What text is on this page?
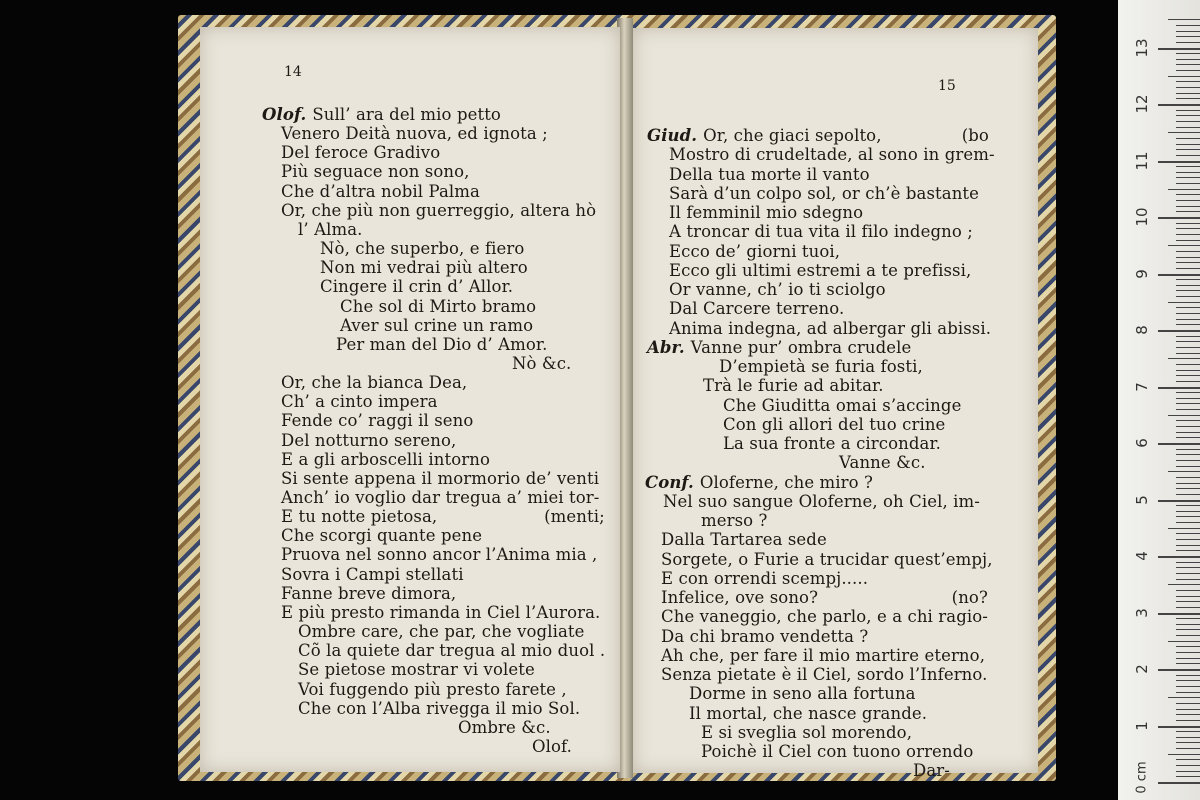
14
Olof. Sull’ ara del mio petto
Venero Deità nuova, ed ignota ;
Del feroce Gradivo
Più seguace non sono,
Che d’altra nobil Palma
Or, che più non guerreggio, altera hò
l’ Alma.
Nò, che superbo, e fiero
Non mi vedrai più altero
Cingere il crin d’ Allor.
Che sol di Mirto bramo
Aver sul crine un ramo
Per man del Dio d’ Amor.
Nò &c.
Or, che la bianca Dea,
Ch’ a cinto impera
Fende co’ raggi il seno
Del notturno sereno,
E a gli arboscelli intorno
Si sente appena il mormorio de’ venti
Anch’ io voglio dar tregua a’ miei tor-
E tu notte pietosa,                    (menti;
Che scorgi quante pene
Pruova nel sonno ancor l’Anima mia ,
Sovra i Campi stellati
Fanne breve dimora,
E più presto rimanda in Ciel l’Aurora.
Ombre care, che par, che vogliate
Cõ la quiete dar tregua al mio duol .
Se pietose mostrar vi volete
Voi fuggendo più presto farete ,
Che con l’Alba rivegga il mio Sol.
Ombre &c.
Olof.
15
Giud. Or, che giaci sepolto,               (bo
Mostro di crudeltade, al sono in grem-
Della tua morte il vanto
Sarà d’un colpo sol, or ch’è bastante
Il femminil mio sdegno
A troncar di tua vita il filo indegno ;
Ecco de’ giorni tuoi,
Ecco gli ultimi estremi a te prefissi,
Or vanne, ch’ io ti sciolgo
Dal Carcere terreno.
Anima indegna, ad albergar gli abissi.
Abr. Vanne pur’ ombra crudele
D’empietà se furia fosti,
Trà le furie ad abitar.
Che Giuditta omai s’accinge
Con gli allori del tuo crine
La sua fronte a circondar.
Vanne &c.
Conf. Oloferne, che miro ?
Nel suo sangue Oloferne, oh Ciel, im-
merso ?
Dalla Tartarea sede
Sorgete, o Furie a trucidar quest’empj,
E con orrendi scempj.....
Infelice, ove sono?                         (no?
Che vaneggio, che parlo, e a chi ragio-
Da chi bramo vendetta ?
Ah che, per fare il mio martire eterno,
Senza pietate è il Ciel, sordo l’Inferno.
Dorme in seno alla fortuna
Il mortal, che nasce grande.
E si sveglia sol morendo,
Poichè il Ciel con tuono orrendo
Dar-	0 cm
1
2
3
4
5
6
7
8
9
10
11
12
13
